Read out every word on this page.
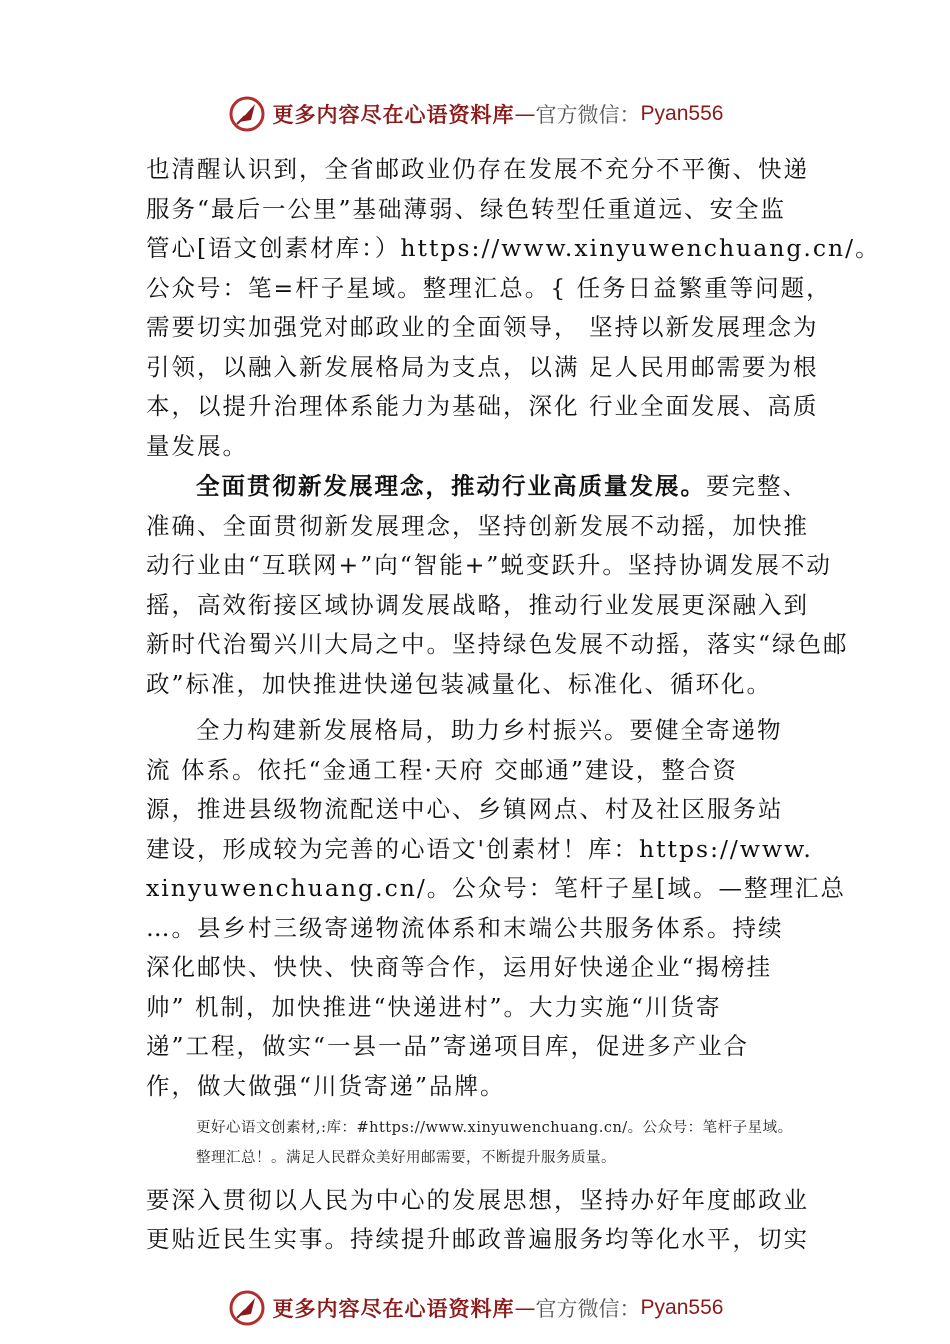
更多内容尽在心语资料库 — 官方微信： Pyan556
也清醒认识到，全省邮政业仍存在发展不充分不平衡、快递
服务“最后一公里”基础薄弱、绿色转型任重道远、安全监
管心[语文创素材库：）https://www.xinyuwenchuang.cn/。
公众号：笔=杆子星域。整理汇总。{ 任务日益繁重等问题，
需要切实加强党对邮政业的全面领导， 坚持以新发展理念为
引领，以融入新发展格局为支点，以满 足人民用邮需要为根
本，以提升治理体系能力为基础，深化 行业全面发展、高质
量发展。
全面贯彻新发展理念，推动行业高质量发展。要完整、
准确、全面贯彻新发展理念，坚持创新发展不动摇，加快推
动行业由“互联网+”向“智能+”蜕变跃升。坚持协调发展不动
摇，高效衔接区域协调发展战略，推动行业发展更深融入到
新时代治蜀兴川大局之中。坚持绿色发展不动摇，落实“绿色邮
政”标准，加快推进快递包装减量化、标准化、循环化。
全力构建新发展格局，助力乡村振兴。要健全寄递物
流 体系。依托“金通工程·天府 交邮通”建设，整合资
源，推进县级物流配送中心、乡镇网点、村及社区服务站
建设，形成较为完善的心语文'创素材！库：https://www.
xinyuwenchuang.cn/。公众号：笔杆子星[域。—整理汇总
…。县乡村三级寄递物流体系和末端公共服务体系。持续
深化邮快、快快、快商等合作，运用好快递企业“揭榜挂
帅” 机制，加快推进“快递进村”。大力实施“川货寄
递”工程，做实“一县一品”寄递项目库，促进多产业合
作，做大做强“川货寄递”品牌。
更好心语文创素材,:库：#https://www.xinyuwenchuang.cn/。公众号：笔杆子星域。
整理汇总！。满足人民群众美好用邮需要，不断提升服务质量。
要深入贯彻以人民为中心的发展思想，坚持办好年度邮政业
更贴近民生实事。持续提升邮政普遍服务均等化水平，切实
更多内容尽在心语资料库 — 官方微信： Pyan556
